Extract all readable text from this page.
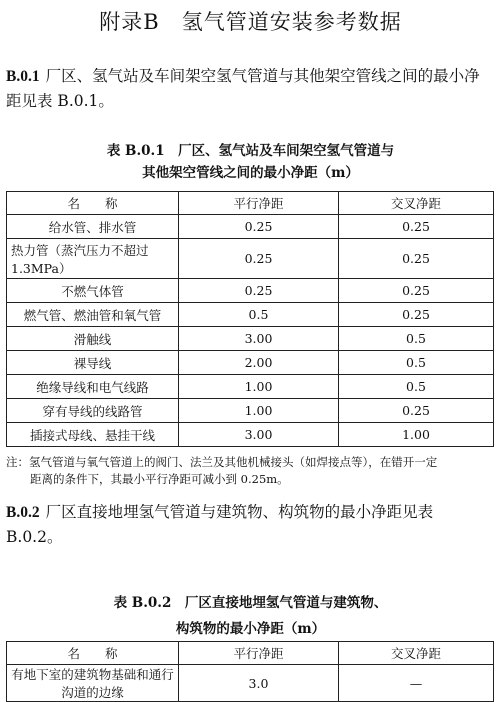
附录B　氢气管道安装参考数据
B.0.1 厂区、氢气站及车间架空氢气管道与其他架空管线之间的最小净距见表 B.0.1。
表 B.0.1　 厂区、氢气站及车间架空氢气管道与
其他架空管线之间的最小净距（m）
名　　称	平行净距	交叉净距
给水管、排水管	0.25	0.25
热力管（蒸汽压力不超过 1.3MPa）	0.25	0.25
不燃气体管	0.25	0.25
燃气管、燃油管和氧气管	0.5	0.25
滑触线	3.00	0.5
裸导线	2.00	0.5
绝缘导线和电气线路	1.00	0.5
穿有导线的线路管	1.00	0.25
插接式母线、悬挂干线	3.00	1.00
注：氢气管道与氧气管道上的阀门、法兰及其他机械接头（如焊接点等），在错开一定
距离的条件下，其最小平行净距可减小到 0.25m。
B.0.2 厂区直接地埋氢气管道与建筑物、构筑物的最小净距见表 B.0.2。
表 B.0.2　 厂区直接地埋氢气管道与建筑物、
构筑物的最小净距（m）
名　　称	平行净距	交叉净距
有地下室的建筑物基础和通行沟道的边缘	3.0	—
